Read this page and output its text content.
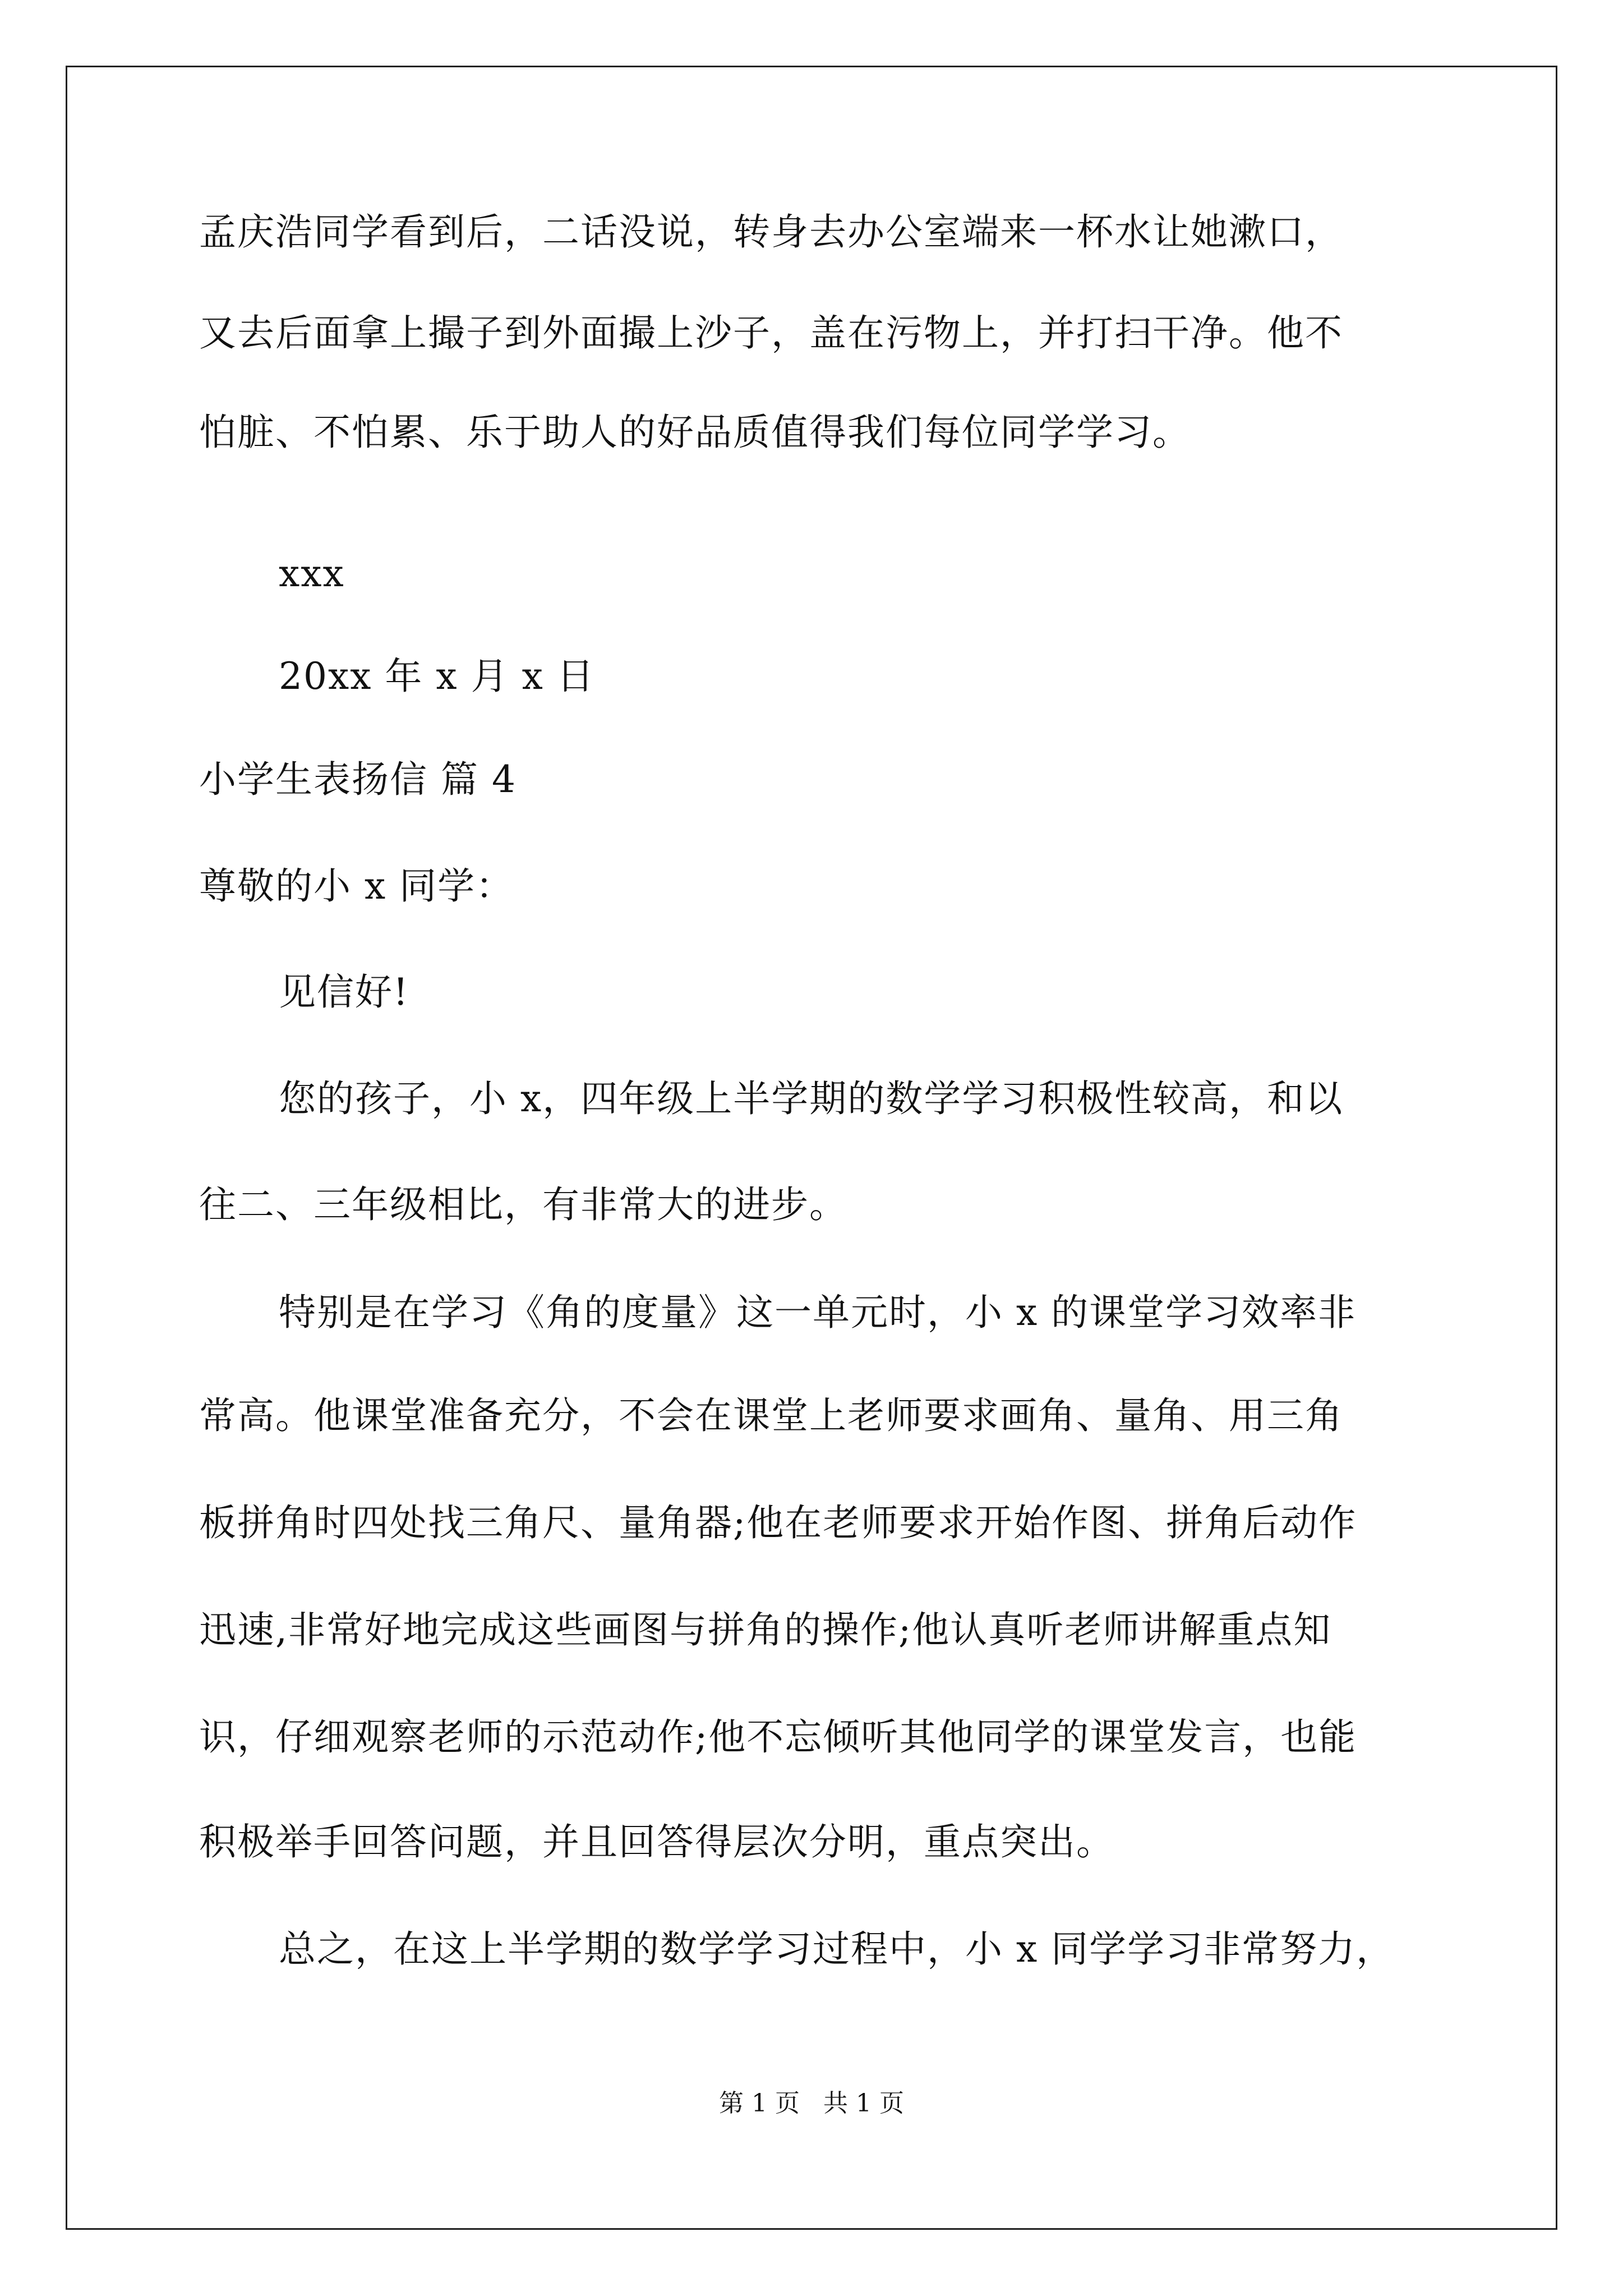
孟庆浩同学看到后，二话没说，转身去办公室端来一杯水让她漱口，
又去后面拿上撮子到外面撮上沙子，盖在污物上，并打扫干净。他不
怕脏、不怕累、乐于助人的好品质值得我们每位同学学习。
xxx
20xx 年 x 月 x 日
小学生表扬信 篇 4
尊敬的小 x 同学：
见信好!
您的孩子，小 x，四年级上半学期的数学学习积极性较高，和以
往二、三年级相比，有非常大的进步。
特别是在学习《角的度量》这一单元时，小 x 的课堂学习效率非
常高。他课堂准备充分，不会在课堂上老师要求画角、量角、用三角
板拼角时四处找三角尺、量角器;他在老师要求开始作图、拼角后动作
迅速,非常好地完成这些画图与拼角的操作;他认真听老师讲解重点知
识，仔细观察老师的示范动作;他不忘倾听其他同学的课堂发言，也能
积极举手回答问题，并且回答得层次分明，重点突出。
总之，在这上半学期的数学学习过程中，小 x 同学学习非常努力，
第 1 页   共 1 页
